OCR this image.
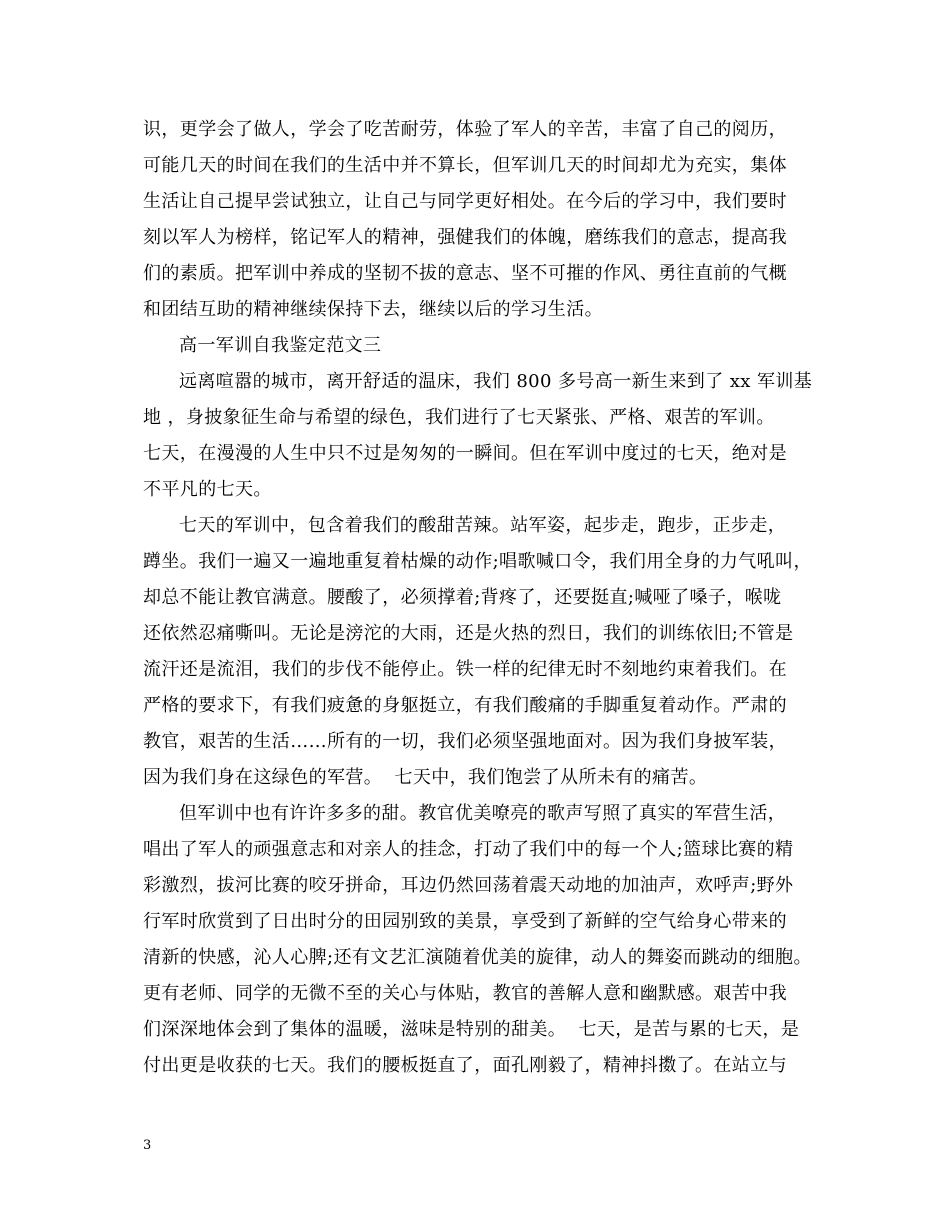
识，更学会了做人，学会了吃苦耐劳，体验了军人的辛苦，丰富了自己的阅历，
可能几天的时间在我们的生活中并不算长，但军训几天的时间却尤为充实，集体
生活让自己提早尝试独立，让自己与同学更好相处。在今后的学习中，我们要时
刻以军人为榜样，铭记军人的精神，强健我们的体魄，磨练我们的意志，提高我
们的素质。把军训中养成的坚韧不拔的意志、坚不可摧的作风、勇往直前的气概
和团结互助的精神继续保持下去，继续以后的学习生活。
高一军训自我鉴定范文三
远离喧嚣的城市，离开舒适的温床，我们 800 多号高一新生来到了 xx 军训基
地 ，身披象征生命与希望的绿色，我们进行了七天紧张、严格、艰苦的军训。
七天，在漫漫的人生中只不过是匆匆的一瞬间。但在军训中度过的七天，绝对是
不平凡的七天。
七天的军训中，包含着我们的酸甜苦辣。站军姿，起步走，跑步，正步走，
蹲坐。我们一遍又一遍地重复着枯燥的动作;唱歌喊口令，我们用全身的力气吼叫，
却总不能让教官满意。腰酸了，必须撑着;背疼了，还要挺直;喊哑了嗓子，喉咙
还依然忍痛嘶叫。无论是滂沱的大雨，还是火热的烈日，我们的训练依旧;不管是
流汗还是流泪，我们的步伐不能停止。铁一样的纪律无时不刻地约束着我们。在
严格的要求下，有我们疲惫的身躯挺立，有我们酸痛的手脚重复着动作。严肃的
教官，艰苦的生活……所有的一切，我们必须坚强地面对。因为我们身披军装，
因为我们身在这绿色的军营。  七天中，我们饱尝了从所未有的痛苦。
但军训中也有许许多多的甜。教官优美嘹亮的歌声写照了真实的军营生活，
唱出了军人的顽强意志和对亲人的挂念，打动了我们中的每一个人;篮球比赛的精
彩激烈，拔河比赛的咬牙拼命，耳边仍然回荡着震天动地的加油声，欢呼声;野外
行军时欣赏到了日出时分的田园别致的美景，享受到了新鲜的空气给身心带来的
清新的快感，沁人心脾;还有文艺汇演随着优美的旋律，动人的舞姿而跳动的细胞。
更有老师、同学的无微不至的关心与体贴，教官的善解人意和幽默感。艰苦中我
们深深地体会到了集体的温暖，滋味是特别的甜美。  七天，是苦与累的七天，是
付出更是收获的七天。我们的腰板挺直了，面孔刚毅了，精神抖擞了。在站立与
3
